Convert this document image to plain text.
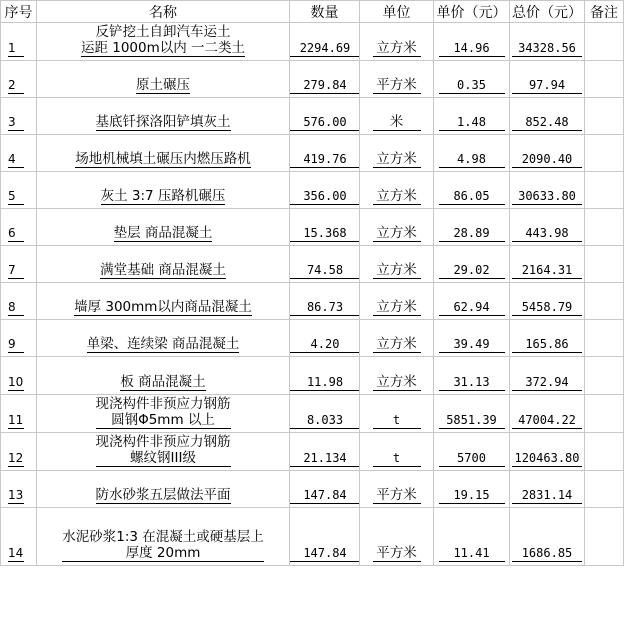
序号	名称	数量	单位	单价（元）	总价（元）	备注
1	反铲挖土自卸汽车运土
运距 1000m以内 一二类土	2294.69	立方米	14.96	34328.56	
2	原土碾压	279.84	平方米	0.35	97.94	
3	基底钎探洛阳铲填灰土	576.00	米	1.48	852.48	
4	场地机械填土碾压内燃压路机	419.76	立方米	4.98	2090.40	
5	灰土 3:7 压路机碾压	356.00	立方米	86.05	30633.80	
6	垫层 商品混凝土	15.368	立方米	28.89	443.98	
7	满堂基础 商品混凝土	74.58	立方米	29.02	2164.31	
8	墙厚 300mm以内商品混凝土	86.73	立方米	62.94	5458.79	
9	单梁、连续梁 商品混凝土	4.20	立方米	39.49	165.86	
10	板 商品混凝土	11.98	立方米	31.13	372.94	
11	现浇构件非预应力钢筋
圆钢Φ5mm 以上	8.033	t	5851.39	47004.22	
12	现浇构件非预应力钢筋
螺纹钢III级	21.134	t	5700	120463.80	
13	防水砂浆五层做法平面	147.84	平方米	19.15	2831.14	
14	水泥砂浆1:3 在混凝土或硬基层上
厚度 20mm	147.84	平方米	11.41	1686.85	
